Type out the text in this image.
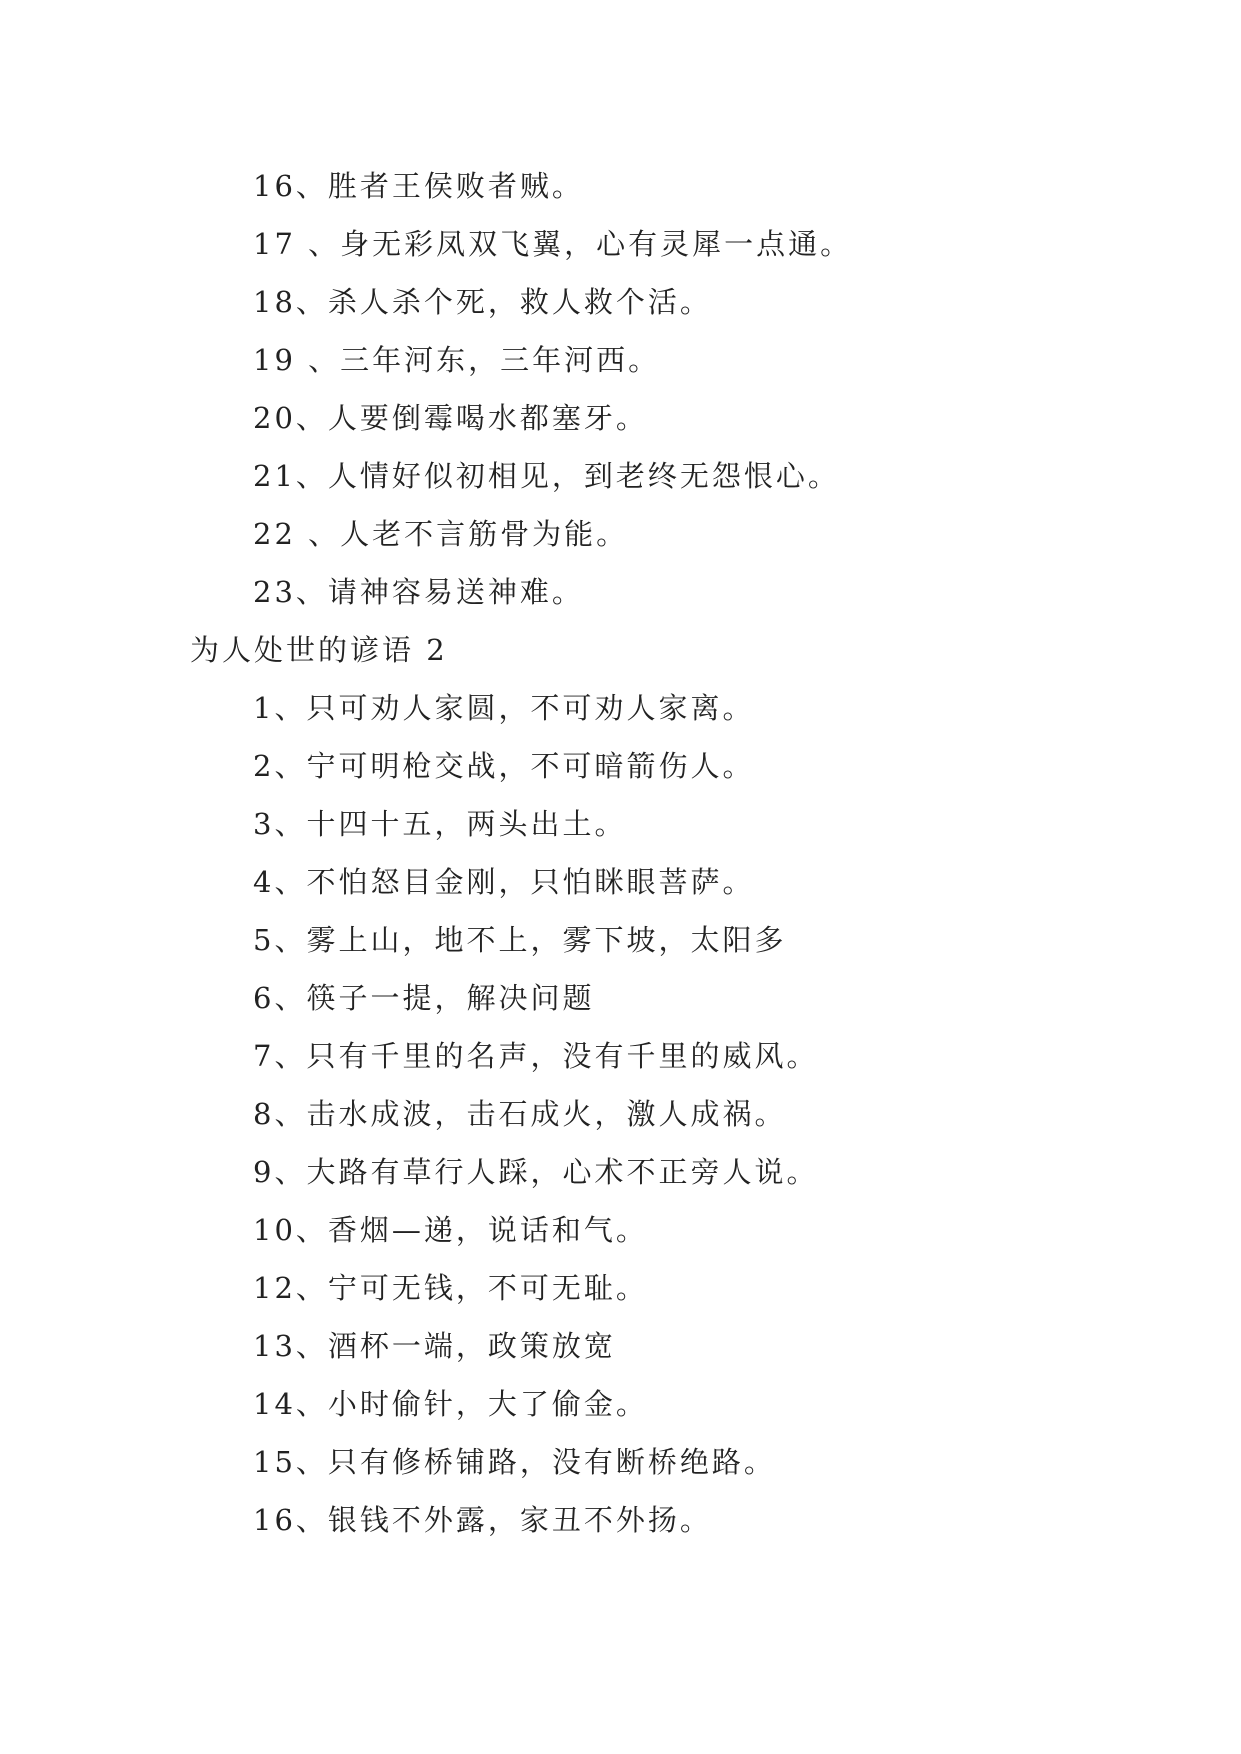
16、胜者王侯败者贼。
17 、身无彩凤双飞翼，心有灵犀一点通。
18、杀人杀个死，救人救个活。
19 、三年河东，三年河西。
20、人要倒霉喝水都塞牙。
21、人情好似初相见，到老终无怨恨心。
22 、人老不言筋骨为能。
23、请神容易送神难。
为人处世的谚语 2
1、只可劝人家圆，不可劝人家离。
2、宁可明枪交战，不可暗箭伤人。
3、十四十五，两头出土。
4、不怕怒目金刚，只怕眯眼菩萨。
5、雾上山，地不上，雾下坡，太阳多
6、筷子一提，解决问题
7、只有千里的名声，没有千里的威风。
8、击水成波，击石成火，激人成祸。
9、大路有草行人踩，心术不正旁人说。
10、香烟—递，说话和气。
12、宁可无钱，不可无耻。
13、酒杯一端，政策放宽
14、小时偷针，大了偷金。
15、只有修桥铺路，没有断桥绝路。
16、银钱不外露，家丑不外扬。
